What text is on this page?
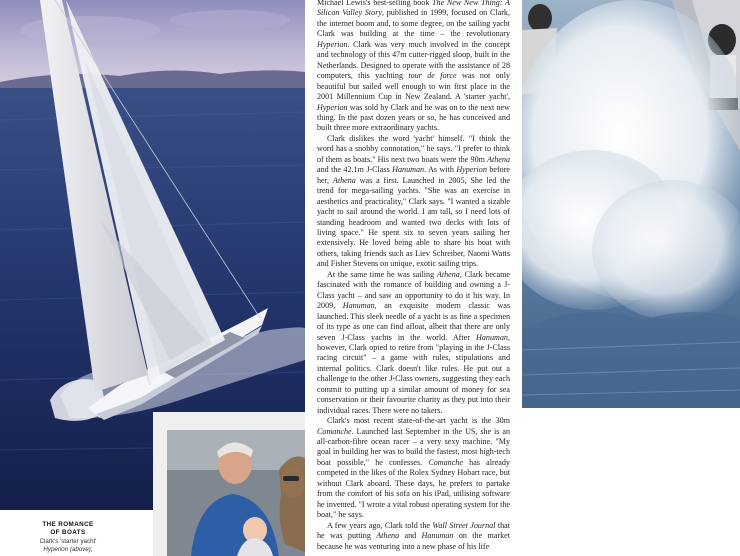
THE ROMANCE
OF BOATS
Clark's 'starter yacht'
Hyperion (above);

Michael Lewis's best-selling book The New New Thing: A Silicon Valley Story, published in 1999, focused on Clark, the internet boom and, to some degree, on the sailing yacht Clark was building at the time – the revolutionary Hyperion. Clark was very much involved in the concept and technology of this 47m cutter-rigged sloop, built in the Netherlands. Designed to operate with the assistance of 28 computers, this yachting tour de force was not only beautiful but sailed well enough to win first place in the 2001 Millennium Cup in New Zealand. A 'starter yacht', Hyperion was sold by Clark and he was on to the next new thing. In the past dozen years or so, he has conceived and built three more extraordinary yachts.

Clark dislikes the word 'yacht' himself. "I think the word has a snobby connotation," he says. "I prefer to think of them as boats." His next two boats were the 90m Athena and the 42.1m J-Class Hanuman. As with Hyperion before her, Athena was a first. Launched in 2005, She led the trend for mega-sailing yachts. "She was an exercise in aesthetics and practicality," Clark says. "I wanted a sizable yacht to sail around the world. I am tall, so I need lots of standing headroom and wanted two decks with lots of living space." He spent six to seven years sailing her extensively. He loved being able to share his boat with others, taking friends such as Liev Schreiber, Naomi Watts and Fisher Stevens on unique, exotic sailing trips.

At the same time he was sailing Athena, Clark became fascinated with the romance of building and owning a J-Class yacht – and saw an opportunity to do it his way. In 2009, Hanuman, an exquisite modern classic was launched. This sleek needle of a yacht is as fine a specimen of its type as one can find afloat, albeit that there are only seven J-Class yachts in the world. After Hanuman, however, Clark opted to retire from "playing in the J-Class racing circuit" – a game with rules, stipulations and internal politics. Clark doesn't like rules. He put out a challenge to the other J-Class owners, suggesting they each commit to putting up a similar amount of money for sea conservation or their favourite charity as they put into their individual races. There were no takers.

Clark's most recent state-of-the-art yacht is the 30m Comanche. Launched last September in the US, she is an all-carbon-fibre ocean racer – a very sexy machine. "My goal in building her was to build the fastest, most high-tech boat possible," he confesses. Comanche has already competed in the likes of the Rolex Sydney Hobart race, but without Clark aboard. These days, he prefers to partake from the comfort of his sofa on his iPad, utilising software he invented. "I wrote a vital robust operating system for the boat," he says.

A few years ago, Clark told the Wall Street Journal that he was putting Athena and Hanuman on the market because he was venturing into a new phase of his life
